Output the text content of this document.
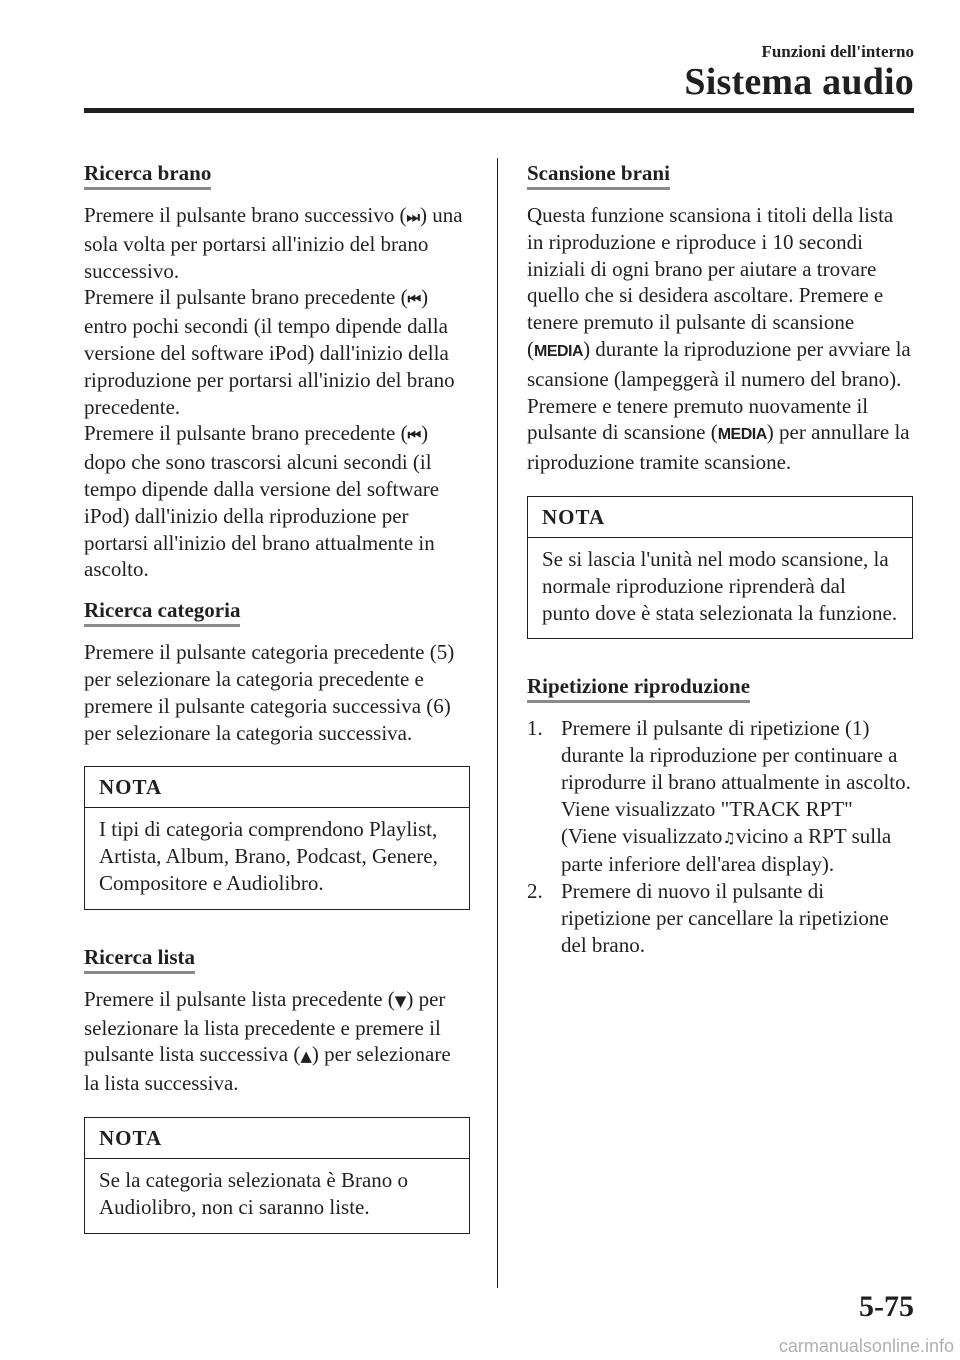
Funzioni dell'interno
Sistema audio
Ricerca brano

Premere il pulsante brano successivo (⏭) una sola volta per portarsi all'inizio del brano successivo.

Premere il pulsante brano precedente (⏮) entro pochi secondi (il tempo dipende dalla versione del software iPod) dall'inizio della riproduzione per portarsi all'inizio del brano precedente.

Premere il pulsante brano precedente (⏮) dopo che sono trascorsi alcuni secondi (il tempo dipende dalla versione del software iPod) dall'inizio della riproduzione per portarsi all'inizio del brano attualmente in ascolto.

Ricerca categoria

Premere il pulsante categoria precedente (5) per selezionare la categoria precedente e premere il pulsante categoria successiva (6) per selezionare la categoria successiva.

NOTA
I tipi di categoria comprendono Playlist, Artista, Album, Brano, Podcast, Genere, Compositore e Audiolibro.
Ricerca lista

Premere il pulsante lista precedente (▼) per selezionare la lista precedente e premere il pulsante lista successiva (▲) per selezionare la lista successiva.

NOTA
Se la categoria selezionata è Brano o Audiolibro, non ci saranno liste.
Scansione brani

Questa funzione scansiona i titoli della lista in riproduzione e riproduce i 10 secondi iniziali di ogni brano per aiutare a trovare quello che si desidera ascoltare. Premere e tenere premuto il pulsante di scansione (MEDIA) durante la riproduzione per avviare la scansione (lampeggerà il numero del brano). Premere e tenere premuto nuovamente il pulsante di scansione (MEDIA) per annullare la riproduzione tramite scansione.

NOTA
Se si lascia l'unità nel modo scansione, la normale riproduzione riprenderà dal punto dove è stata selezionata la funzione.
Ripetizione riproduzione
1. Premere il pulsante di ripetizione (1) durante la riproduzione per continuare a riprodurre il brano attualmente in ascolto. Viene visualizzato "TRACK RPT" (Viene visualizzato♫vicino a RPT sulla parte inferiore dell'area display).
2. Premere di nuovo il pulsante di ripetizione per cancellare la ripetizione del brano.
5-75
carmanualsonline.info
